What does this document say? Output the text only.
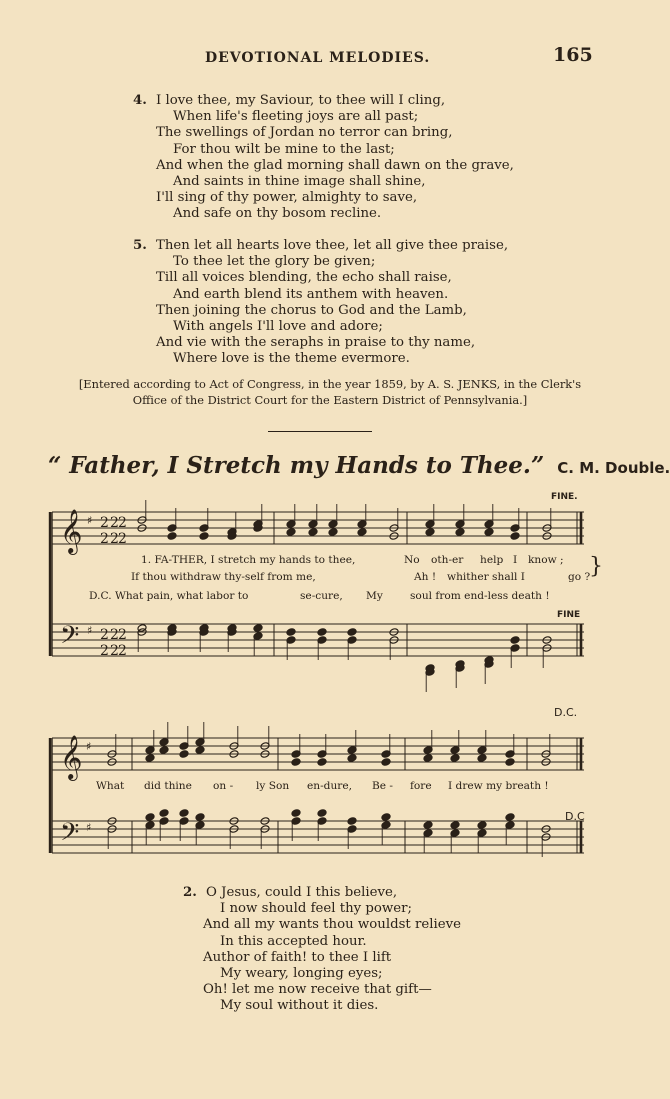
DEVOTIONAL MELODIES.	165
4. I love thee, my Saviour, to thee will I cling,
When life's fleeting joys are all past;
The swellings of Jordan no terror can bring,
For thou wilt be mine to the last;
And when the glad morning shall dawn on the grave,
And saints in thine image shall shine,
I'll sing of thy power, almighty to save,
And safe on thy bosom recline.
5. Then let all hearts love thee, let all give thee praise,
To thee let the glory be given;
Till all voices blending, the echo shall raise,
And earth blend its anthem with heaven.
Then joining the chorus to God and the Lamb,
With angels I'll love and adore;
And vie with the seraphs in praise to thy name,
Where love is the theme evermore.
[Entered according to Act of Congress, in the year 1859, by A. S. JENKS, in the Clerk's
Office of the District Court for the Eastern District of Pennsylvania.]
“ Father, I Stretch my Hands to Thee.” C. M. Double.
𝄞
𝄢
♯
♯
2
2
2
2
2
2
2
2
2
2
2
2
𝄞
𝄢
♯
♯
FINE.
FINE
D.C.
D.C
1. FA-THER, I stretch my hands to thee,	No oth-er help I know ; }
If thou withdraw thy-self from me,	Ah ! whither shall I	go ?
D.C. What pain, what labor to	se-cure, My	soul from end-less death !
What did thine on - ly Son en-dure, Be - fore I drew my breath !
2. O Jesus, could I this believe,
I now should feel thy power;
And all my wants thou wouldst relieve
In this accepted hour.
Author of faith! to thee I lift
My weary, longing eyes;
Oh! let me now receive that gift—
My soul without it dies.
